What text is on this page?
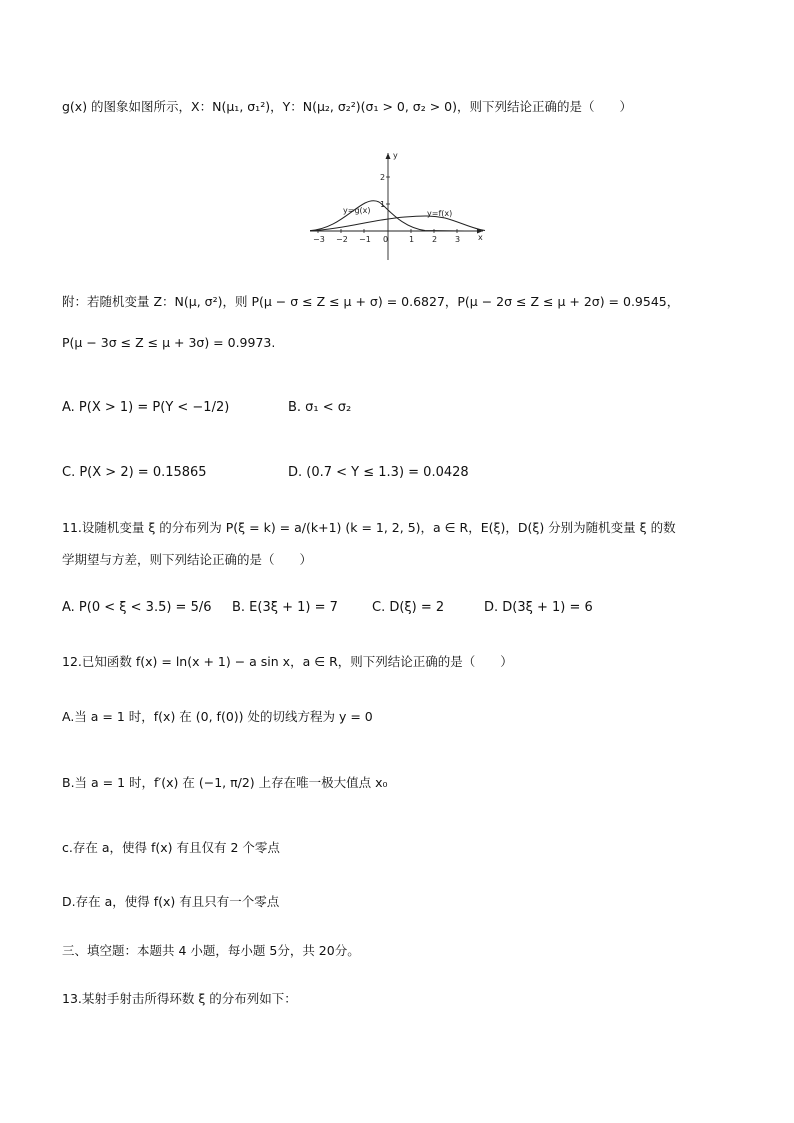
g(x) 的图象如图所示，X：N(μ₁, σ₁²)，Y：N(μ₂, σ₂²)(σ₁ > 0, σ₂ > 0)，则下列结论正确的是（　　）
y
x
−3 −2 −1 0	1 2 3
2
1
y=g(x)	y=f(x)
附：若随机变量 Z：N(μ, σ²)，则 P(μ − σ ≤ Z ≤ μ + σ) = 0.6827，P(μ − 2σ ≤ Z ≤ μ + 2σ) = 0.9545，
P(μ − 3σ ≤ Z ≤ μ + 3σ) = 0.9973.
A. P(X > 1) = P(Y < −1/2)	B. σ₁ < σ₂
C. P(X > 2) = 0.15865	D. (0.7 < Y ≤ 1.3) = 0.0428
11.设随机变量 ξ 的分布列为 P(ξ = k) = a/(k+1) (k = 1, 2, 5)，a ∈ R，E(ξ)，D(ξ) 分别为随机变量 ξ 的数
学期望与方差，则下列结论正确的是（　　）
A. P(0 < ξ < 3.5) = 5/6 B. E(3ξ + 1) = 7	C. D(ξ) = 2	D. D(3ξ + 1) = 6
12.已知函数 f(x) = ln(x + 1) − a sin x，a ∈ R，则下列结论正确的是（　　）
A.当 a = 1 时，f(x) 在 (0, f(0)) 处的切线方程为 y = 0
B.当 a = 1 时，f′(x) 在 (−1, π/2) 上存在唯一极大值点 x₀
c.存在 a，使得 f(x) 有且仅有 2 个零点
D.存在 a，使得 f(x) 有且只有一个零点
三、填空题：本题共 4 小题，每小题 5分，共 20分。
13.某射手射击所得环数 ξ 的分布列如下：
